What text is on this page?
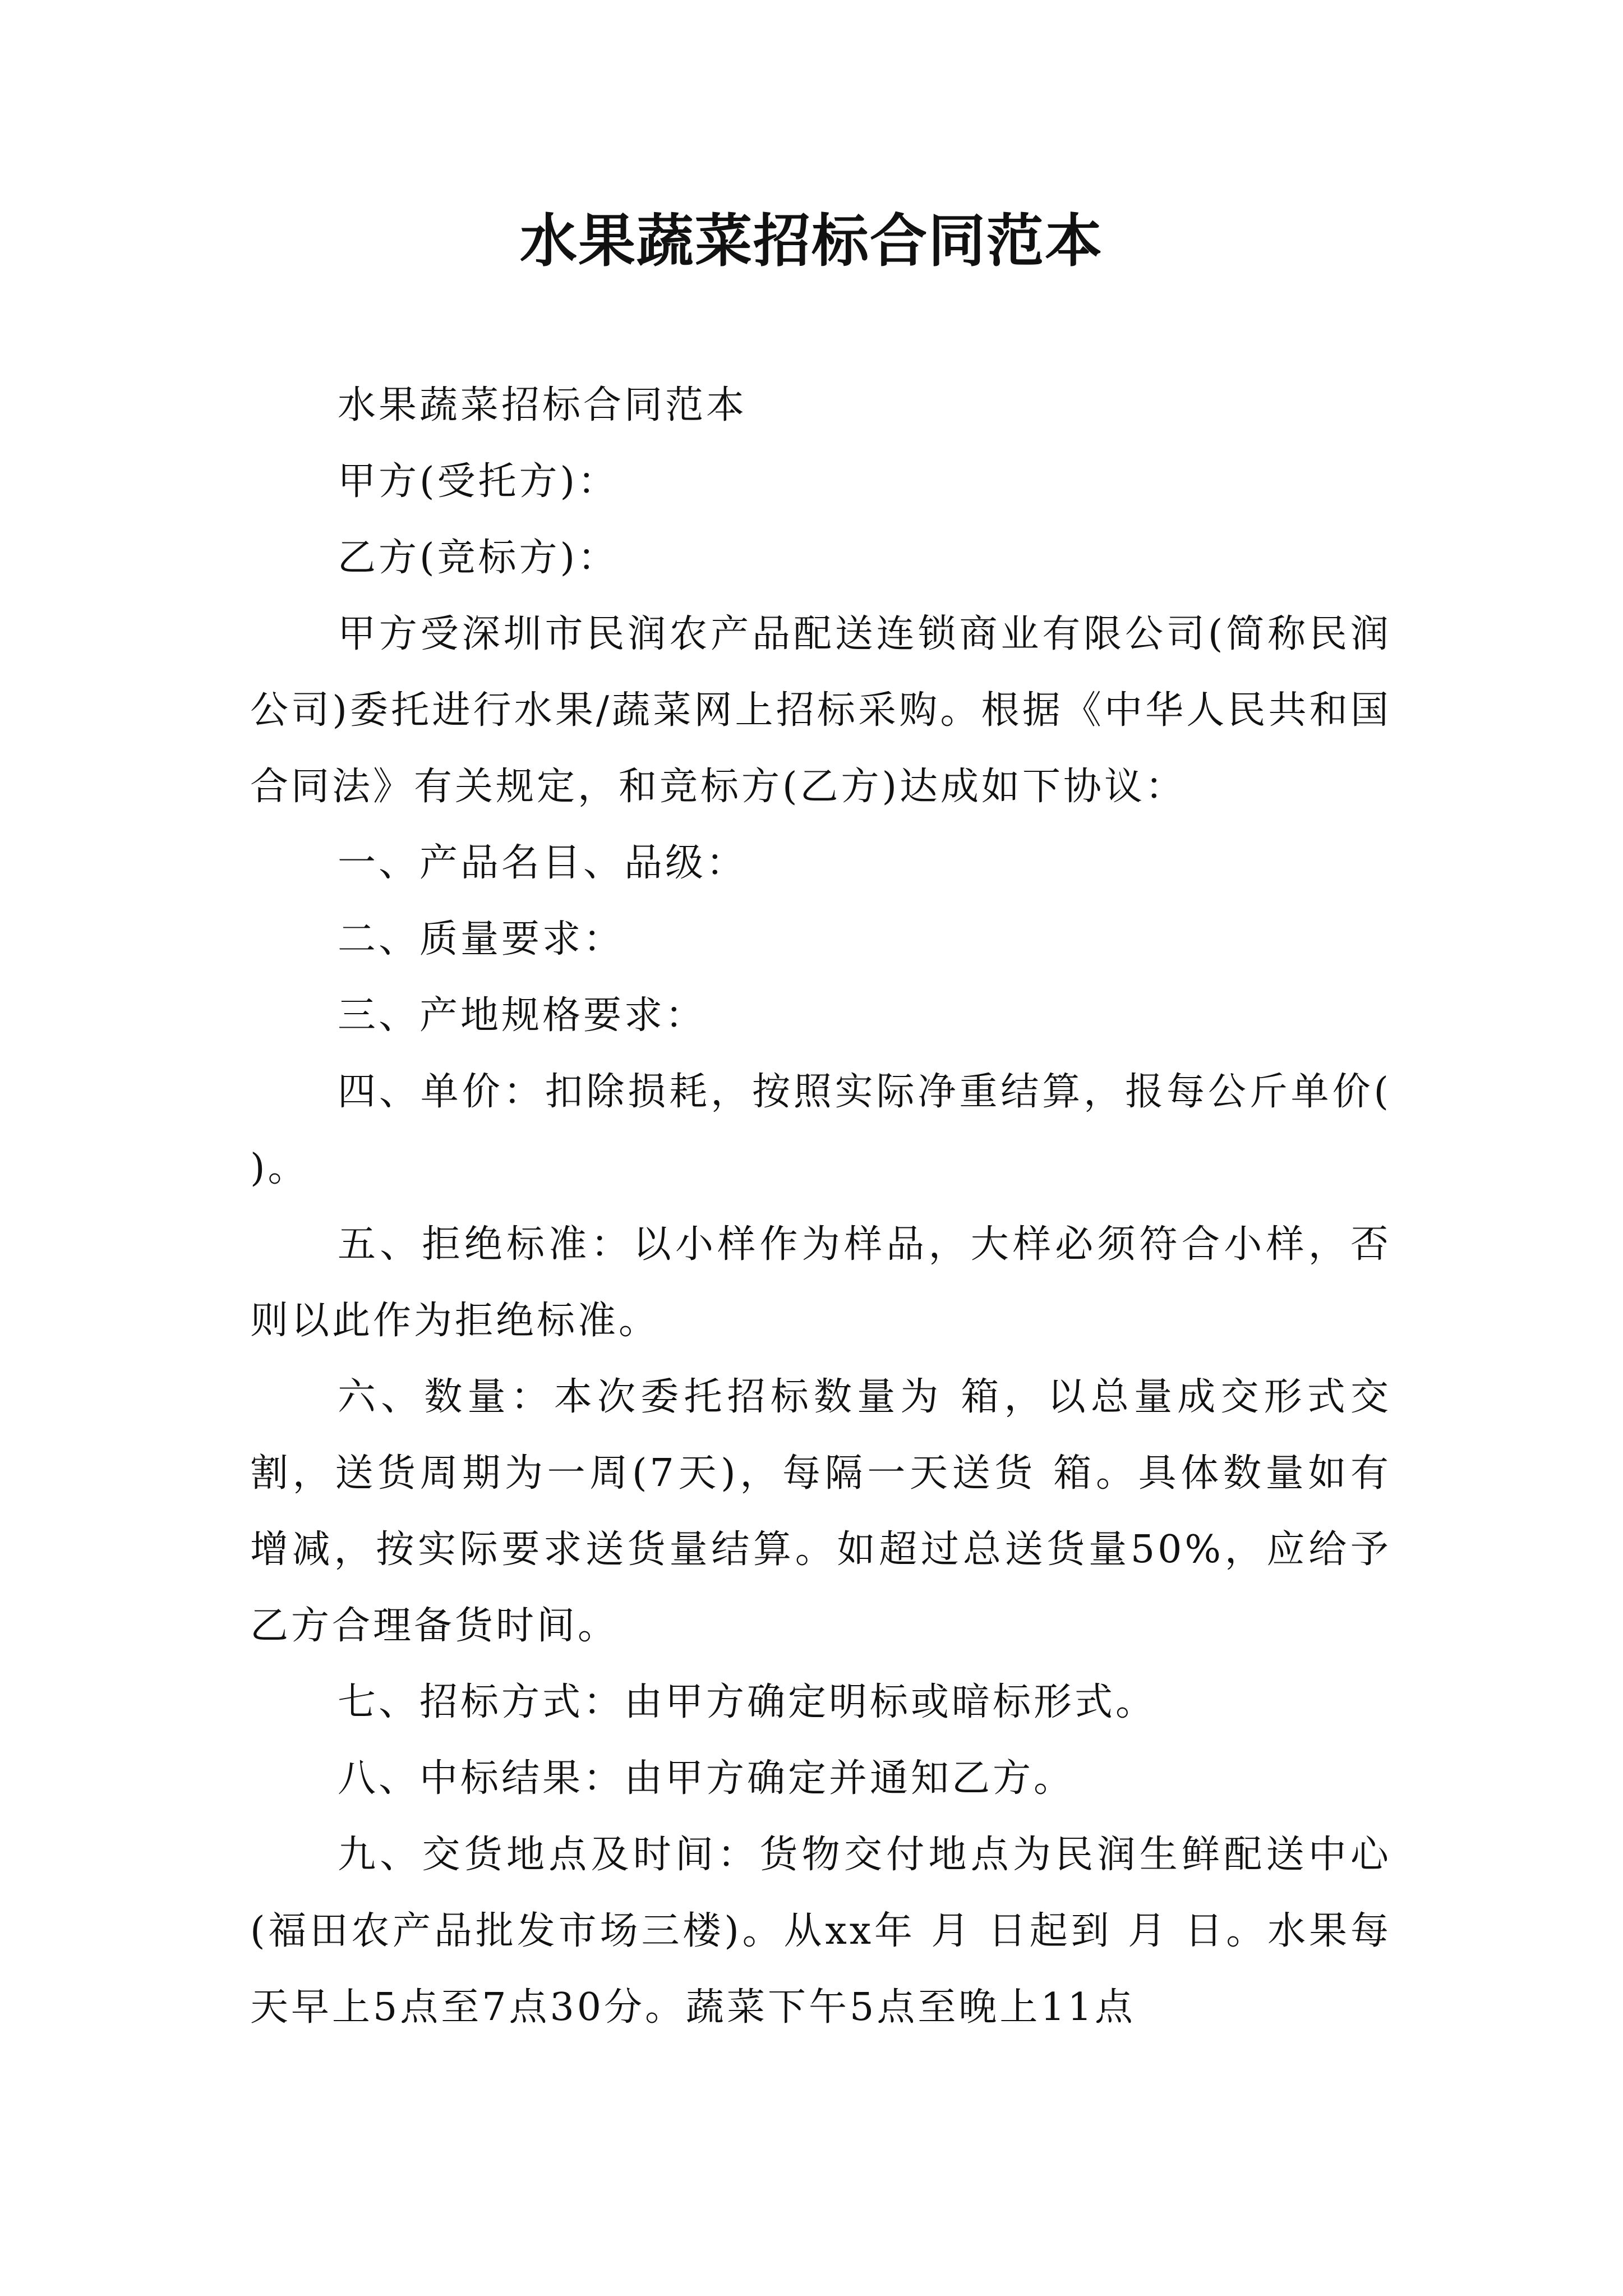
水果蔬菜招标合同范本

水果蔬菜招标合同范本

甲方(受托方)：

乙方(竞标方)：

甲方受深圳市民润农产品配送连锁商业有限公司(简称民润公司)委托进行水果/蔬菜网上招标采购。根据《中华人民共和国合同法》有关规定，和竞标方(乙方)达成如下协议：

一、产品名目、品级：

二、质量要求：

三、产地规格要求：

四、单价：扣除损耗，按照实际净重结算，报每公斤单价( )。

五、拒绝标准：以小样作为样品，大样必须符合小样，否则以此作为拒绝标准。

六、数量：本次委托招标数量为 箱，以总量成交形式交割，送货周期为一周(7天)，每隔一天送货 箱。具体数量如有增减，按实际要求送货量结算。如超过总送货量50%，应给予乙方合理备货时间。

七、招标方式：由甲方确定明标或暗标形式。

八、中标结果：由甲方确定并通知乙方。

九、交货地点及时间：货物交付地点为民润生鲜配送中心(福田农产品批发市场三楼)。从xx年 月 日起到 月 日。水果每天早上5点至7点30分。蔬菜下午5点至晚上11点
